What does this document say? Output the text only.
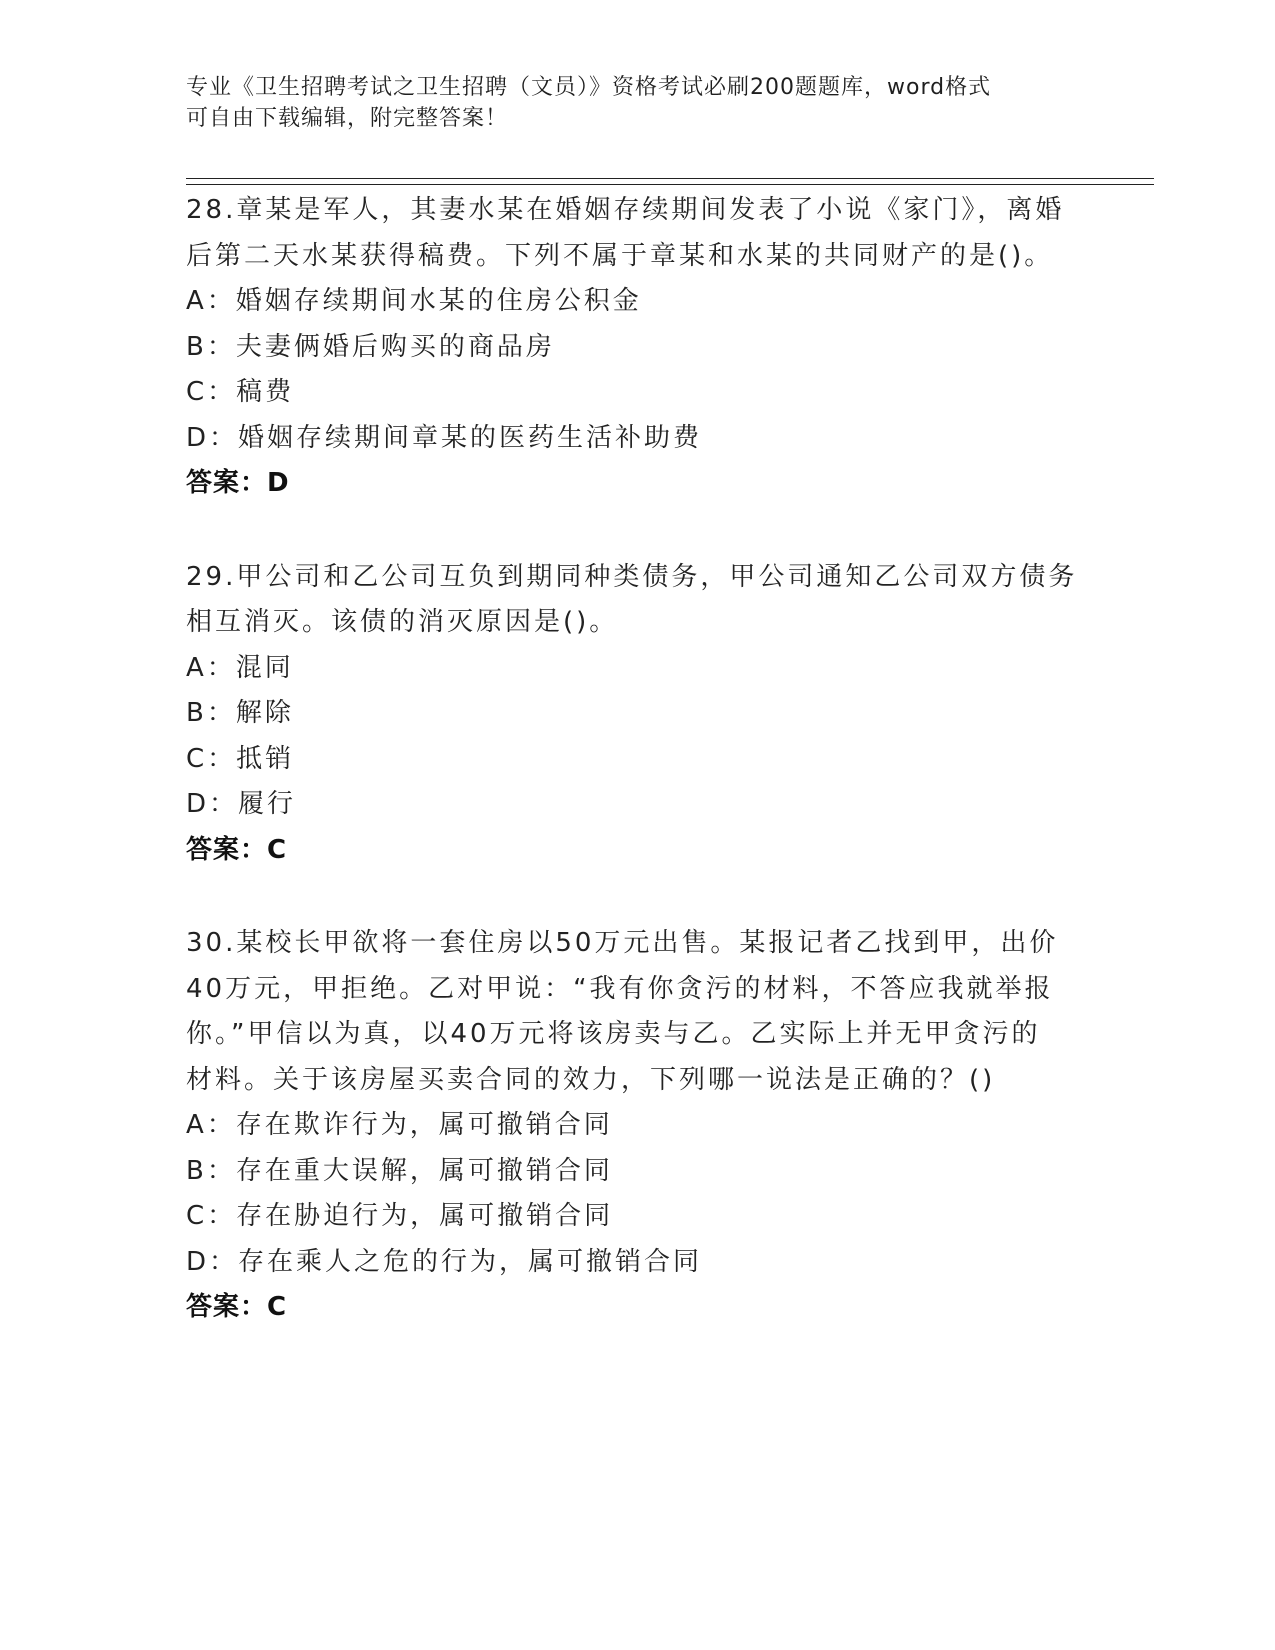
专业《卫生招聘考试之卫生招聘（文员）》资格考试必刷200题题库，word格式
可自由下载编辑，附完整答案！
28.章某是军人，其妻水某在婚姻存续期间发表了小说《家门》，离婚
后第二天水某获得稿费。下列不属于章某和水某的共同财产的是()。
A：婚姻存续期间水某的住房公积金
B：夫妻俩婚后购买的商品房
C：稿费
D：婚姻存续期间章某的医药生活补助费
答案：D
29.甲公司和乙公司互负到期同种类债务，甲公司通知乙公司双方债务
相互消灭。该债的消灭原因是()。
A：混同
B：解除
C：抵销
D：履行
答案：C
30.某校长甲欲将一套住房以50万元出售。某报记者乙找到甲，出价
40万元，甲拒绝。乙对甲说：“我有你贪污的材料，不答应我就举报
你。”甲信以为真，以40万元将该房卖与乙。乙实际上并无甲贪污的
材料。关于该房屋买卖合同的效力，下列哪一说法是正确的？()
A：存在欺诈行为，属可撤销合同
B：存在重大误解，属可撤销合同
C：存在胁迫行为，属可撤销合同
D：存在乘人之危的行为，属可撤销合同
答案：C
